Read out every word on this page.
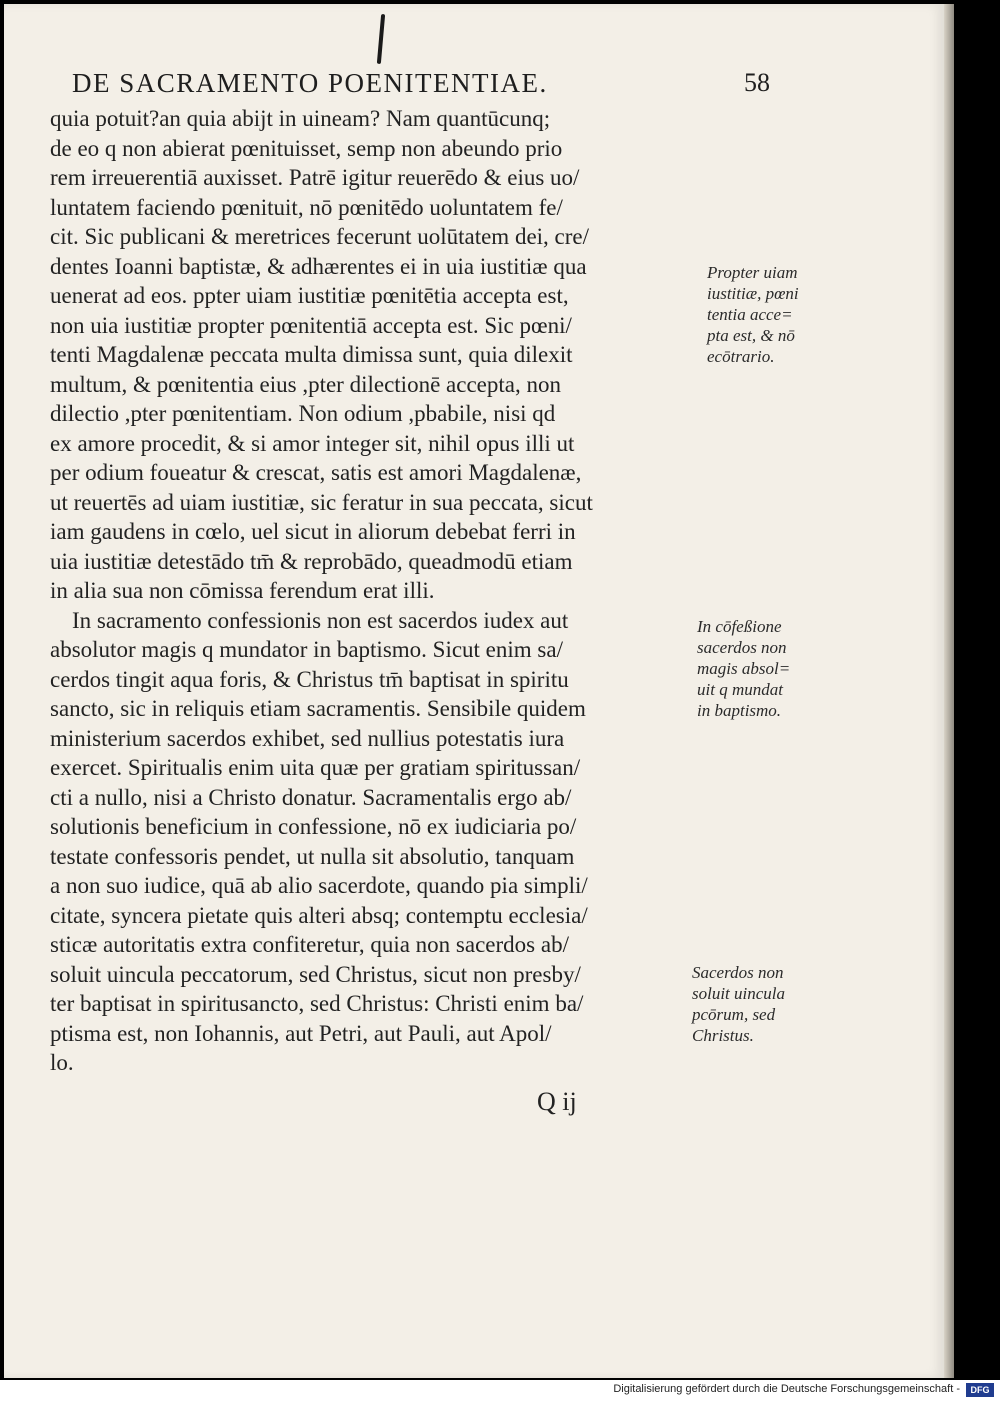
DE SACRAMENTO POENITENTIAE.	58
quia potuit?an quia abijt in uineam? Nam quantūcunq;
de eo q non abierat pœnituisset, semp non abeundo prio
rem irreuerentiā auxisset. Patrē igitur reuerēdo & eius uo/
luntatem faciendo pœnituit, nō pœnitēdo uoluntatem fe/
cit. Sic publicani & meretrices fecerunt uolūtatem dei, cre/
dentes Ioanni baptistæ, & adhærentes ei in uia iustitiæ qua
uenerat ad eos. ppter uiam iustitiæ pœnitētia accepta est,
non uia iustitiæ propter pœnitentiā accepta est. Sic pœni/
tenti Magdalenæ peccata multa dimissa sunt, quia dilexit
multum, & pœnitentia eius ,pter dilectionē accepta, non
dilectio ,pter pœnitentiam. Non odium ,pbabile, nisi qd
ex amore procedit, & si amor integer sit, nihil opus illi ut
per odium foueatur & crescat, satis est amori Magdalenæ,
ut reuertēs ad uiam iustitiæ, sic feratur in sua peccata, sicut
iam gaudens in cœlo, uel sicut in aliorum debebat ferri in
uia iustitiæ detestādo tm̄ & reprobādo, queadmodū etiam
in alia sua non cōmissa ferendum erat illi.
In sacramento confessionis non est sacerdos iudex aut
absolutor magis q mundator in baptismo. Sicut enim sa/
cerdos tingit aqua foris, & Christus tm̄ baptisat in spiritu
sancto, sic in reliquis etiam sacramentis. Sensibile quidem
ministerium sacerdos exhibet, sed nullius potestatis iura
exercet. Spiritualis enim uita quæ per gratiam spiritussan/
cti a nullo, nisi a Christo donatur. Sacramentalis ergo ab/
solutionis beneficium in confessione, nō ex iudiciaria po/
testate confessoris pendet, ut nulla sit absolutio, tanquam
a non suo iudice, quā ab alio sacerdote, quando pia simpli/
citate, syncera pietate quis alteri absq; contemptu ecclesia/
sticæ autoritatis extra confiteretur, quia non sacerdos ab/
soluit uincula peccatorum, sed Christus, sicut non presby/
ter baptisat in spiritusancto, sed Christus: Christi enim ba/
ptisma est, non Iohannis, aut Petri, aut Pauli, aut Apol/
lo.
Propter uiam
iustitiæ, pœni
tentia acce=
pta est, & nō
ecōtrario.
In cōfeßione
sacerdos non
magis absol=
uit q mundat
in baptismo.
Sacerdos non
soluit uincula
pcōrum, sed
Christus.
Q ij
Digitalisierung gefördert durch die Deutsche Forschungsgemeinschaft -	DFG
